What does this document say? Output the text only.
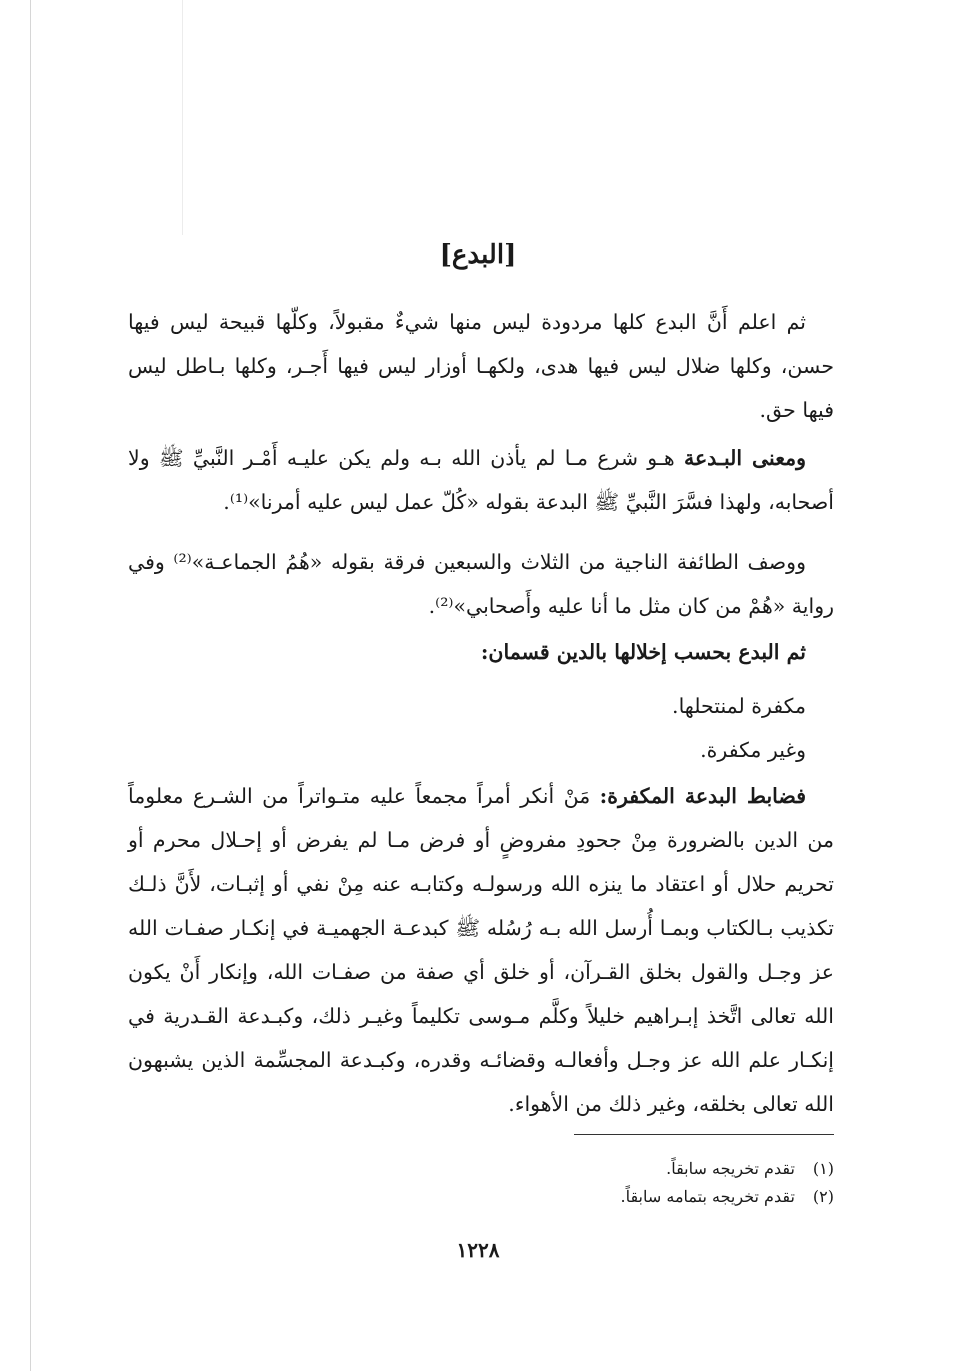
[البدع]
ثم اعلم أَنَّ البدع كلها مردودة ليس منها شيءٌ مقبولاً، وكلّها قبيحة ليس فيها حسن، وكلها ضلال ليس فيها هدى، ولكهـا أوزار ليس فيها أَجـر، وكلها بـاطل ليس فيها حق.
ومعنى البـدعة هـو شرع مـا لم يأذن الله بـه ولم يكن عليـه أَمْـر النَّبيِّ ﷺ ولا أصحابه، ولهذا فسَّرَ النَّبيِّ ﷺ البدعة بقوله «كُلّ عمل ليس عليه أمرنا»⁽¹⁾.
ووصف الطائفة الناجية من الثلاث والسبعين فرقة بقوله «هُمُ الجماعـة»⁽²⁾ وفي رواية «هُمْ من كان مثل ما أنا عليه وأَصحابي»⁽²⁾.
ثم البدع بحسب إخلالها بالدين قسمان:
مكفرة لمنتحلها.
وغير مكفرة.
فضابط البدعة المكفرة: مَنْ أنكر أمراً مجمعاً عليه متـواتراً من الشـرع معلوماً من الدين بالضرورة مِنْ جحودِ مفروضٍ أو فرض مـا لم يفرض أو إحـلال محرم أو تحريم حلال أو اعتقاد ما ينزه الله ورسولـه وكتابـه عنه مِنْ نفي أو إثبـات، لأَنَّ ذلـك تكذيب بـالكتاب وبمـا أُرسل الله بـه رُسُله ﷺ كبدعـة الجهميـة في إنكـار صفـات الله عز وجـل والقول بخلق القـرآن، أو خلق أي صفة من صفـات الله، وإنكار أَنْ يكون الله تعالى اتَّخذ إبـراهيم خليلاً وكلَّم مـوسى تكليماً وغيـر ذلك، وكبـدعة القـدرية في إنكـار علم الله عز وجـل وأفعالـه وقضائـه وقدره، وكبـدعة المجسِّمة الذين يشبهون الله تعالى بخلقه، وغير ذلك من الأهواء.
(١) تقدم تخريجه سابقاً.
(٢) تقدم تخريجه بتمامه سابقاً.
١٢٢٨
